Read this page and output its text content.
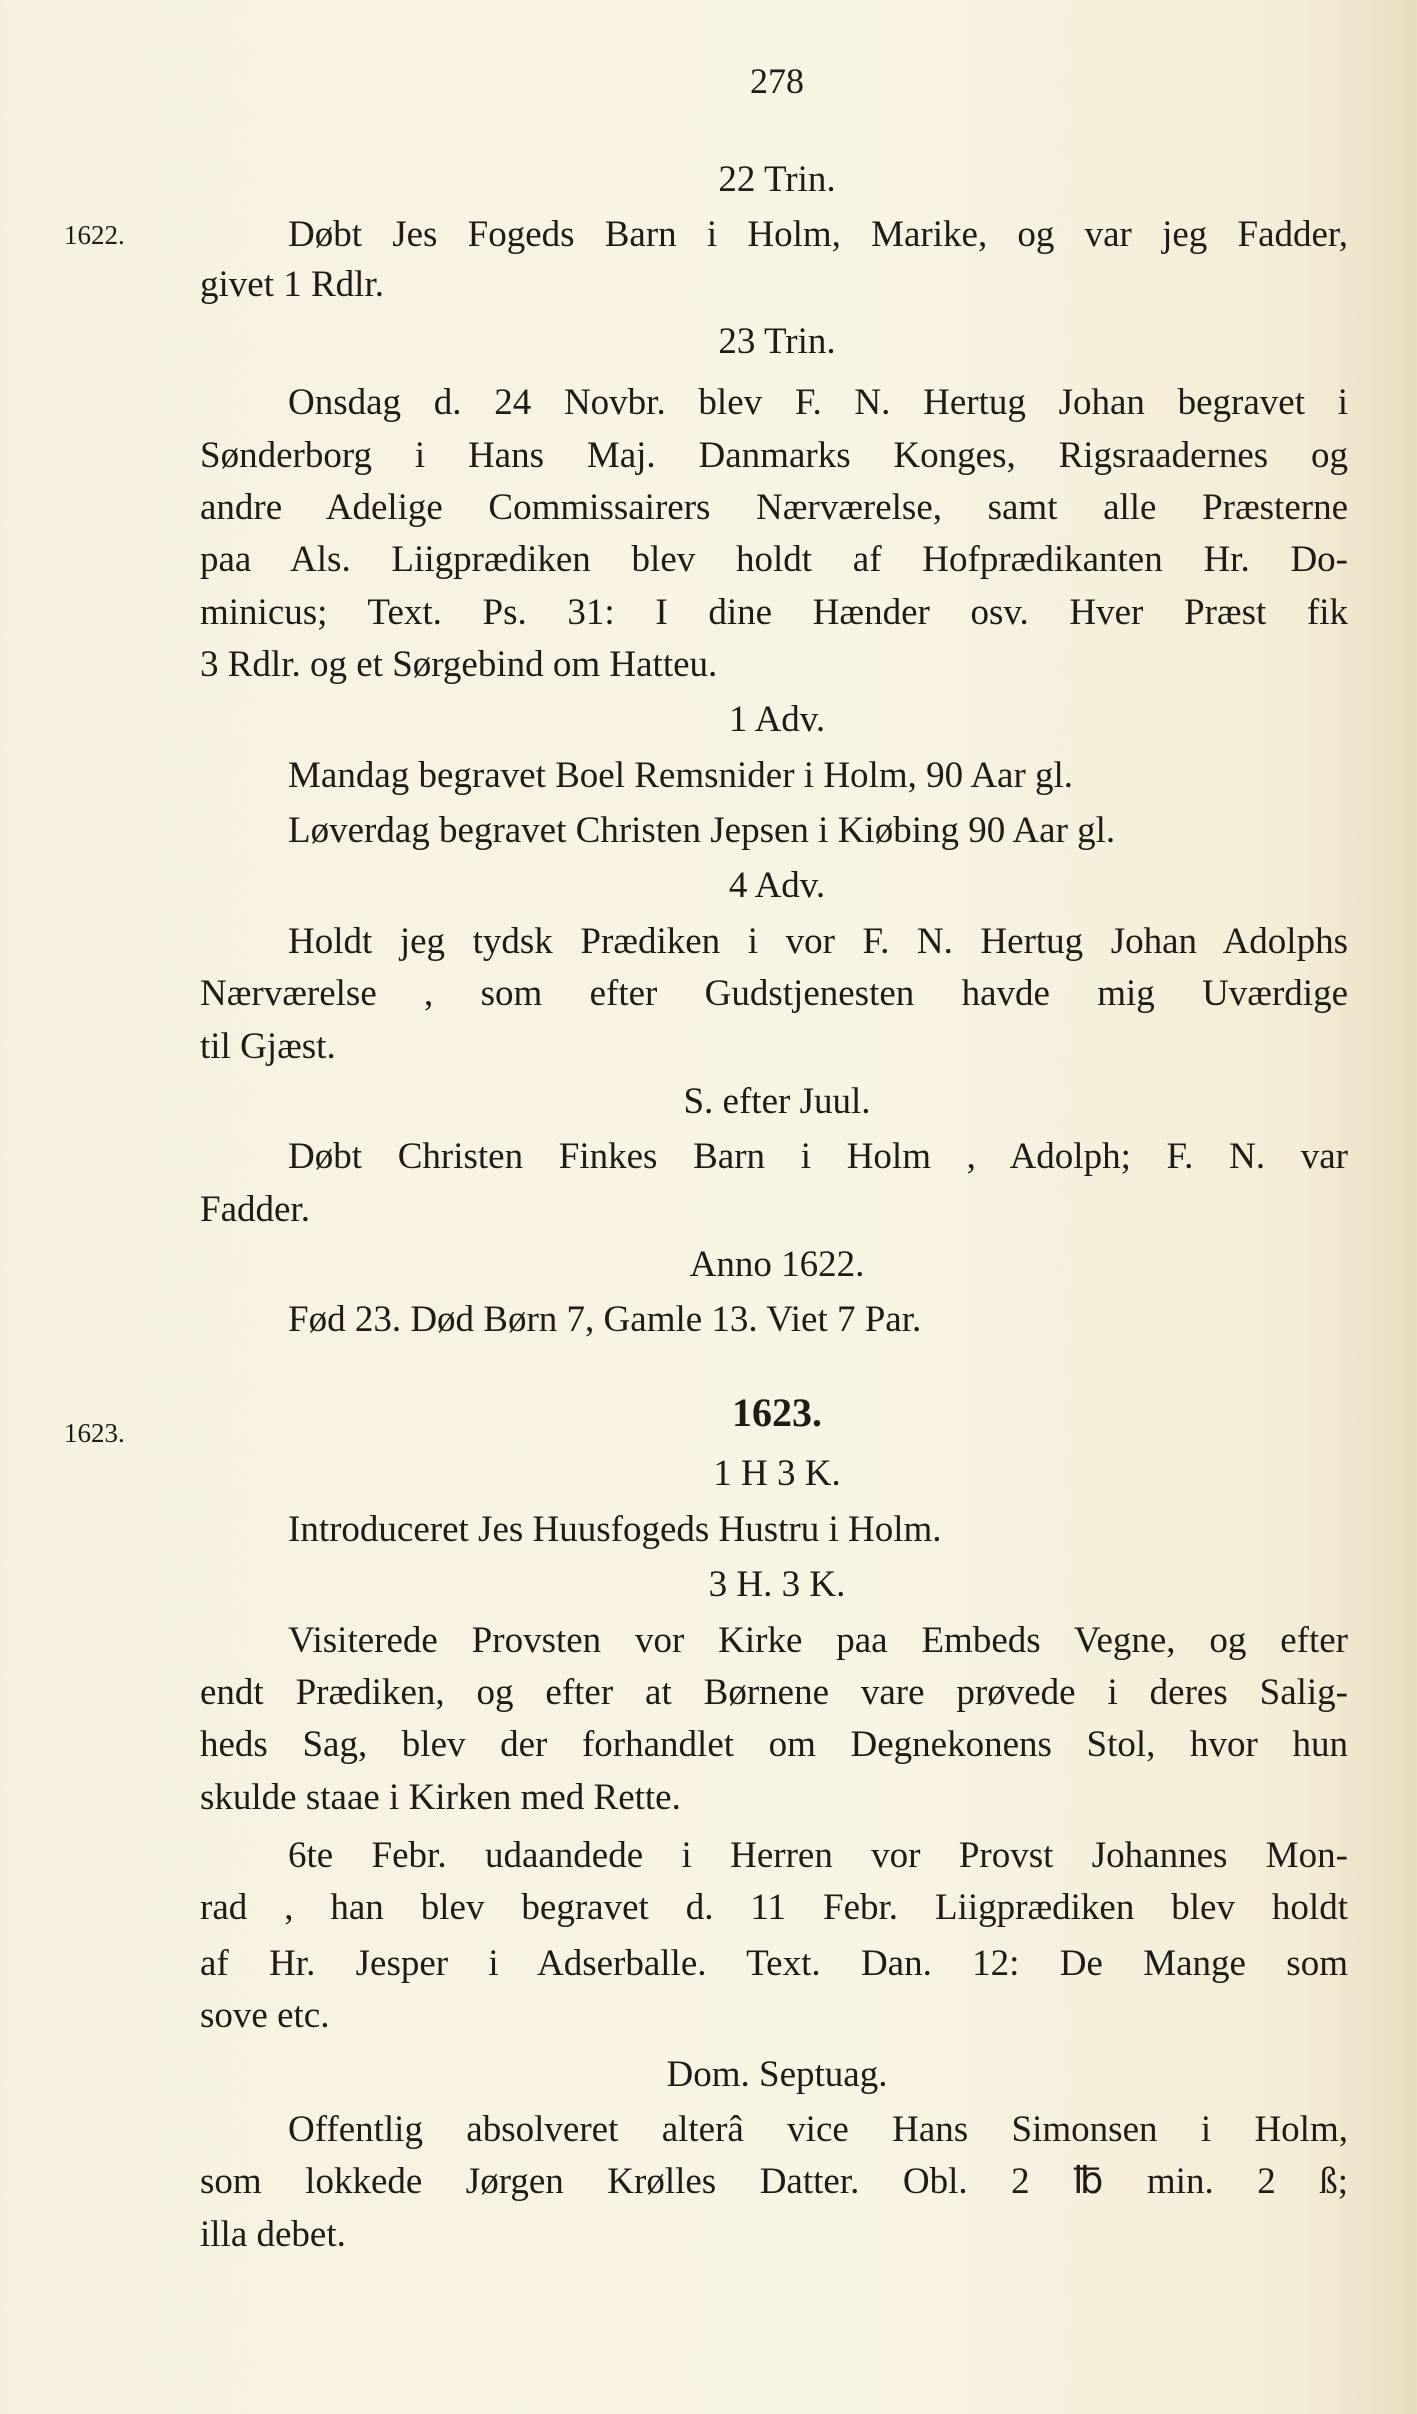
278
1622.
1623.
22 Trin.
Døbt Jes Fogeds Barn i Holm, Marike, og var jeg Fadder,
givet 1 Rdlr.
23 Trin.
Onsdag d. 24 Novbr. blev F. N. Hertug Johan begravet i
Sønderborg i Hans Maj. Danmarks Konges, Rigsraadernes og
andre Adelige Commissairers Nærværelse, samt alle Præsterne
paa Als. Liigprædiken blev holdt af Hofprædikanten Hr. Do-
minicus; Text. Ps. 31: I dine Hænder osv. Hver Præst fik
3 Rdlr. og et Sørgebind om Hatteu.
1 Adv.
Mandag begravet Boel Remsnider i Holm, 90 Aar gl.
Løverdag begravet Christen Jepsen i Kiøbing 90 Aar gl.
4 Adv.
Holdt jeg tydsk Prædiken i vor F. N. Hertug Johan Adolphs
Nærværelse , som efter Gudstjenesten havde mig Uværdige
til Gjæst.
S. efter Juul.
Døbt Christen Finkes Barn i Holm , Adolph; F. N. var
Fadder.
Anno 1622.
Fød 23. Død Børn 7, Gamle 13. Viet 7 Par.
1623.
1 H 3 K.
Introduceret Jes Huusfogeds Hustru i Holm.
3 H. 3 K.
Visiterede Provsten vor Kirke paa Embeds Vegne, og efter
endt Prædiken, og efter at Børnene vare prøvede i deres Salig-
heds Sag, blev der forhandlet om Degnekonens Stol, hvor hun
skulde staae i Kirken med Rette.
6te Febr. udaandede i Herren vor Provst Johannes Mon-
rad , han blev begravet d. 11 Febr. Liigprædiken blev holdt
af Hr. Jesper i Adserballe. Text. Dan. 12: De Mange som
sove etc.
Dom. Septuag.
Offentlig absolveret alterâ vice Hans Simonsen i Holm,
som lokkede Jørgen Krølles Datter. Obl. 2 ℔ min. 2 ß;
illa debet.
